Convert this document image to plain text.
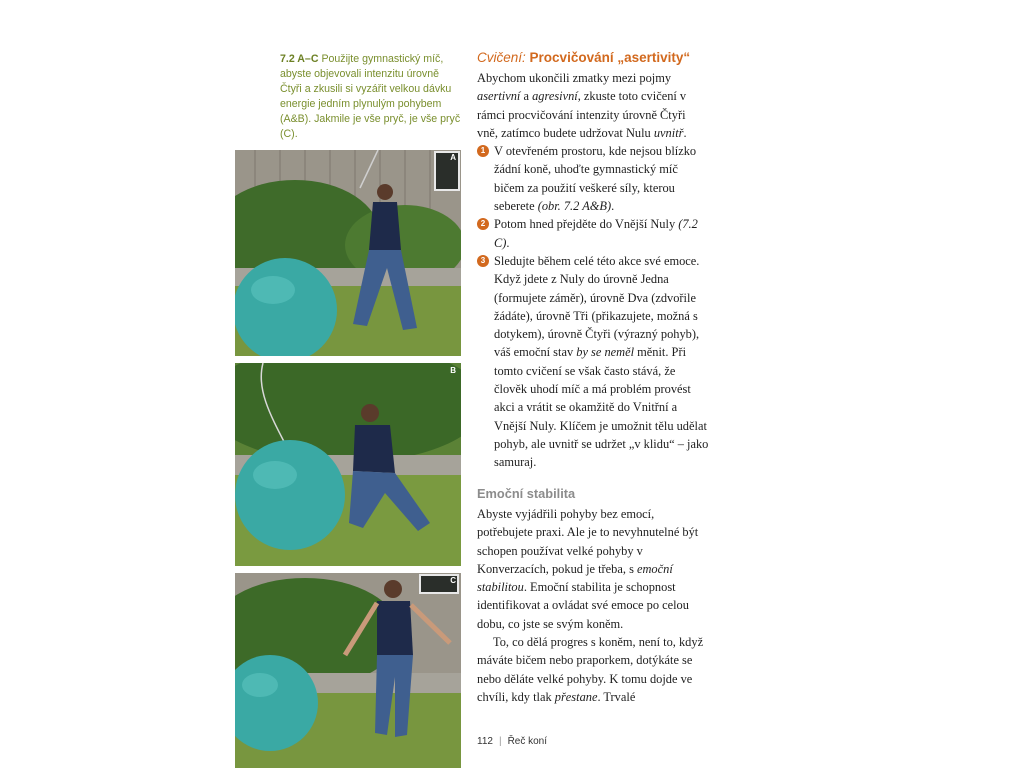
7.2 A–C Použijte gymnastický míč, abyste objevovali intenzitu úrovně Čtyři a zkusili si vyzářit velkou dávku energie jedním plynulým pohybem (A&B). Jakmile je vše pryč, je vše pryč (C).
A
B
C
Cvičení: Procvičování „asertivity“

Abychom ukončili zmatky mezi pojmy asertivní a agresivní, zkuste toto cvičení v rámci procvičování intenzity úrovně Čtyři vně, zatímco budete udržovat Nulu uvnitř.

1 V otevřeném prostoru, kde nejsou blízko žádní koně, uhoďte gymnastický míč bičem za použití veškeré síly, kterou seberete (obr. 7.2 A&B).

2 Potom hned přejděte do Vnější Nuly (7.2 C).

3 Sledujte během celé této akce své emoce. Když jdete z Nuly do úrovně Jedna (formujete záměr), úrovně Dva (zdvořile žádáte), úrovně Tři (přikazujete, možná s dotykem), úrovně Čtyři (výrazný pohyb), váš emoční stav by se neměl měnit. Při tomto cvičení se však často stává, že člověk uhodí míč a má problém provést akci a vrátit se okamžitě do Vnitřní a Vnější Nuly. Klíčem je umožnit tělu udělat pohyb, ale uvnitř se udržet „v klidu“ – jako samuraj.

Emoční stabilita

Abyste vyjádřili pohyby bez emocí, potřebujete praxi. Ale je to nevyhnutelné být schopen používat velké pohyby v Konverzacích, pokud je třeba, s emoční stabilitou. Emoční stabilita je schopnost identifikovat a ovládat své emoce po celou dobu, co jste se svým koněm.

To, co dělá progres s koněm, není to, když máváte bičem nebo praporkem, dotýkáte se nebo děláte velké pohyby. K tomu dojde ve chvíli, kdy tlak přestane. Trvalé

112 | Řeč koní
